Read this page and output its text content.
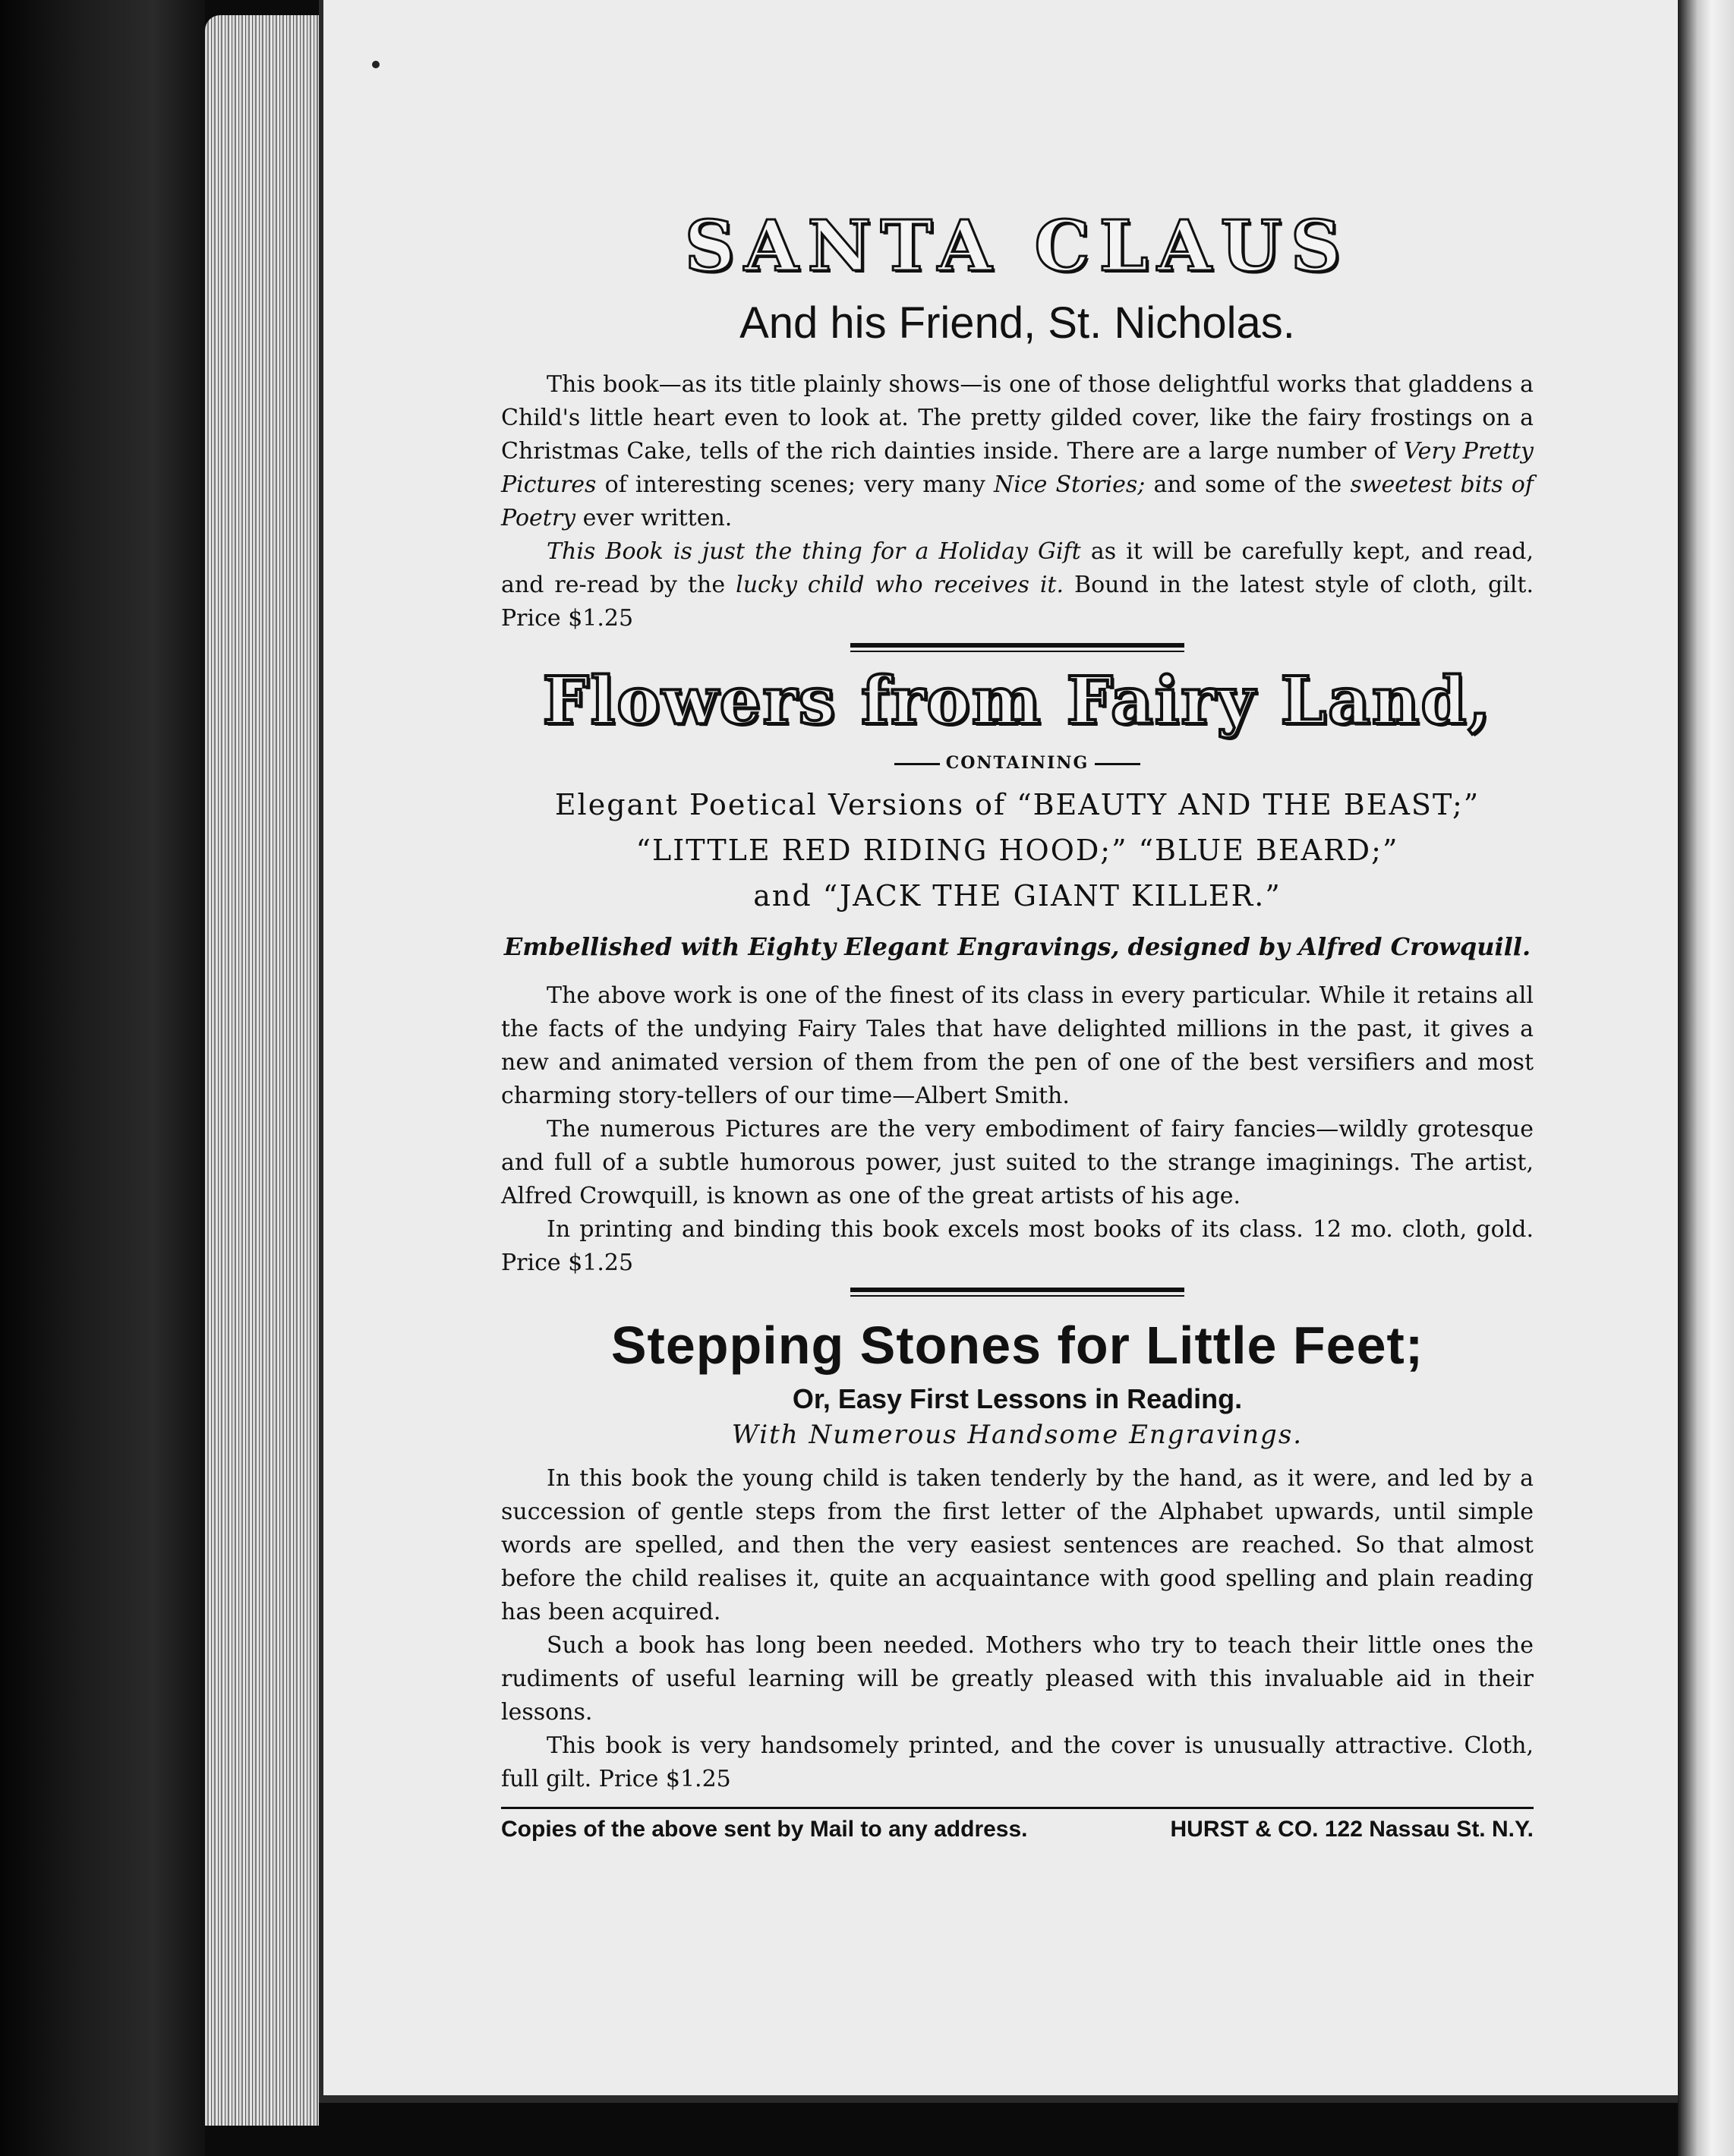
SANTA CLAUS
And his Friend, St. Nicholas.

This book—as its title plainly shows—is one of those delightful works that gladdens a Child's little heart even to look at. The pretty gilded cover, like the fairy frostings on a Christmas Cake, tells of the rich dainties inside. There are a large number of Very Pretty Pictures of interesting scenes; very many Nice Stories; and some of the sweetest bits of Poetry ever written.

This Book is just the thing for a Holiday Gift as it will be carefully kept, and read, and re-read by the lucky child who receives it. Bound in the latest style of cloth, gilt. Price $1.25

Flowers from Fairy Land,
CONTAINING
Elegant Poetical Versions of “BEAUTY AND THE BEAST;”
“LITTLE RED RIDING HOOD;” “BLUE BEARD;”
and “JACK THE GIANT KILLER.”
Embellished with Eighty Elegant Engravings, designed by Alfred Crowquill.

The above work is one of the finest of its class in every particular. While it retains all the facts of the undying Fairy Tales that have delighted millions in the past, it gives a new and animated version of them from the pen of one of the best versifiers and most charming story-tellers of our time—Albert Smith.

The numerous Pictures are the very embodiment of fairy fancies—wildly grotesque and full of a subtle humorous power, just suited to the strange imaginings. The artist, Alfred Crowquill, is known as one of the great artists of his age.

In printing and binding this book excels most books of its class. 12 mo. cloth, gold. Price $1.25

Stepping Stones for Little Feet;
Or, Easy First Lessons in Reading.
With Numerous Handsome Engravings.

In this book the young child is taken tenderly by the hand, as it were, and led by a succession of gentle steps from the first letter of the Alphabet upwards, until simple words are spelled, and then the very easiest sentences are reached. So that almost before the child realises it, quite an acquaintance with good spelling and plain reading has been acquired.

Such a book has long been needed. Mothers who try to teach their little ones the rudiments of useful learning will be greatly pleased with this invaluable aid in their lessons.

This book is very handsomely printed, and the cover is unusually attractive. Cloth, full gilt. Price $1.25

Copies of the above sent by Mail to any address.	HURST & CO. 122 Nassau St. N.Y.
